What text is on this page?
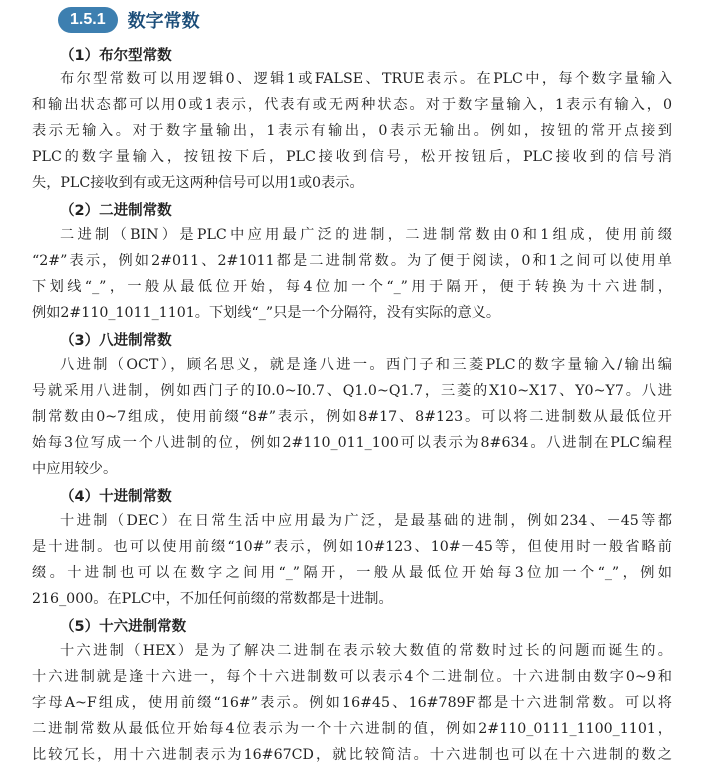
1.5.1	数字常数
（1）布尔型常数
布尔型常数可以用逻辑0、逻辑1或FALSE、TRUE表示。在PLC中，每个数字量输入
和输出状态都可以用0或1表示，代表有或无两种状态。对于数字量输入，1表示有输入，0
表示无输入。对于数字量输出，1表示有输出，0表示无输出。例如，按钮的常开点接到
PLC的数字量输入，按钮按下后，PLC接收到信号，松开按钮后，PLC接收到的信号消
失，PLC接收到有或无这两种信号可以用1或0表示。
（2）二进制常数
二进制（BIN）是PLC中应用最广泛的进制，二进制常数由0和1组成，使用前缀
“2#”表示，例如2#011、2#1011都是二进制常数。为了便于阅读，0和1之间可以使用单
下划线“_”，一般从最低位开始，每4位加一个“_”用于隔开，便于转换为十六进制，
例如2#110_1011_1101。下划线“_”只是一个分隔符，没有实际的意义。
（3）八进制常数
八进制（OCT），顾名思义，就是逢八进一。西门子和三菱PLC的数字量输入/输出编
号就采用八进制，例如西门子的I0.0~I0.7、Q1.0~Q1.7，三菱的X10~X17、Y0~Y7。八进
制常数由0~7组成，使用前缀“8#”表示，例如8#17、8#123。可以将二进制数从最低位开
始每3位写成一个八进制的位，例如2#110_011_100可以表示为8#634。八进制在PLC编程
中应用较少。
（4）十进制常数
十进制（DEC）在日常生活中应用最为广泛，是最基础的进制，例如234、－45等都
是十进制。也可以使用前缀“10#”表示，例如10#123、10#－45等，但使用时一般省略前
缀。十进制也可以在数字之间用“_”隔开，一般从最低位开始每3位加一个“_”，例如
216_000。在PLC中，不加任何前缀的常数都是十进制。
（5）十六进制常数
十六进制（HEX）是为了解决二进制在表示较大数值的常数时过长的问题而诞生的。
十六进制就是逢十六进一，每个十六进制数可以表示4个二进制位。十六进制由数字0~9和
字母A~F组成，使用前缀“16#”表示。例如16#45、16#789F都是十六进制常数。可以将
二进制常数从最低位开始每4位表示为一个十六进制的值，例如2#110_0111_1100_1101，
比较冗长，用十六进制表示为16#67CD，就比较简洁。十六进制也可以在十六进制的数之
